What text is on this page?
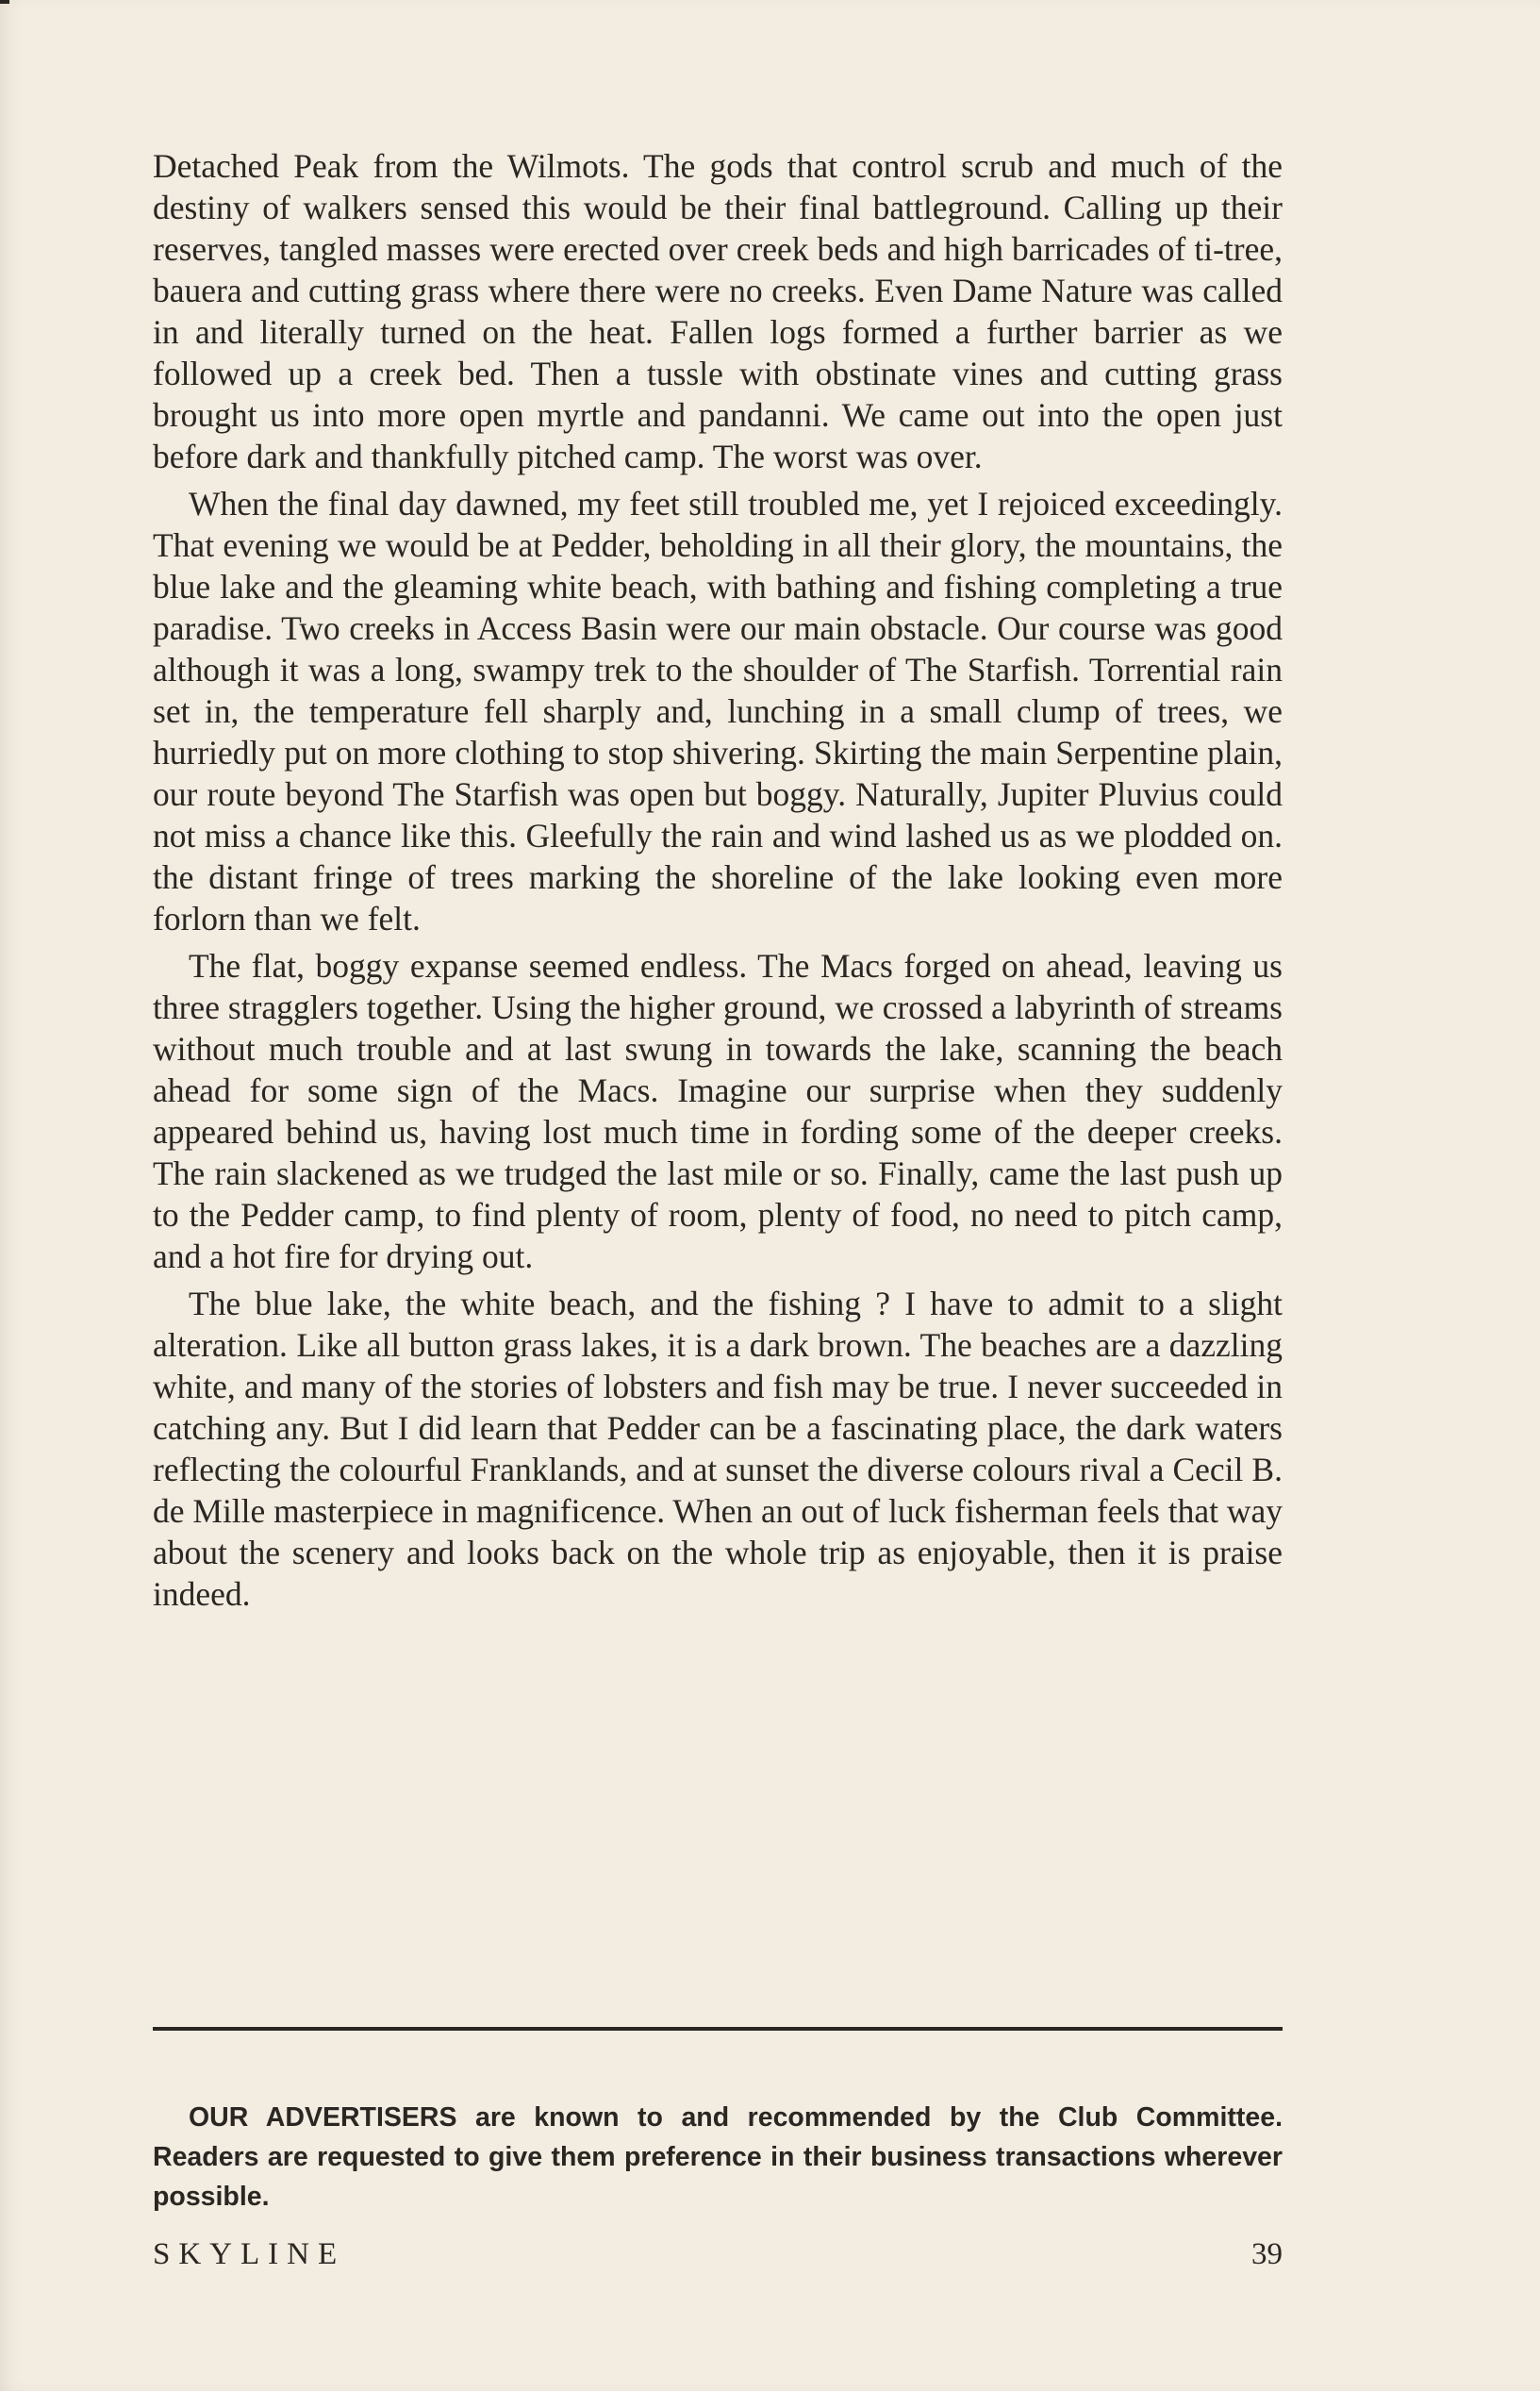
Detached Peak from the Wilmots. The gods that control scrub and much of the destiny of walkers sensed this would be their final battleground. Calling up their reserves, tangled masses were erected over creek beds and high barricades of ti-tree, bauera and cutting grass where there were no creeks. Even Dame Nature was called in and literally turned on the heat. Fallen logs formed a further barrier as we followed up a creek bed. Then a tussle with obstinate vines and cutting grass brought us into more open myrtle and pandanni. We came out into the open just before dark and thankfully pitched camp. The worst was over.

When the final day dawned, my feet still troubled me, yet I rejoiced exceedingly. That evening we would be at Pedder, beholding in all their glory, the mountains, the blue lake and the gleaming white beach, with bathing and fishing completing a true paradise. Two creeks in Access Basin were our main obstacle. Our course was good although it was a long, swampy trek to the shoulder of The Starfish. Torrential rain set in, the temperature fell sharply and, lunching in a small clump of trees, we hurriedly put on more clothing to stop shivering. Skirting the main Serpentine plain, our route beyond The Starfish was open but boggy. Naturally, Jupiter Pluvius could not miss a chance like this. Gleefully the rain and wind lashed us as we plodded on. the distant fringe of trees marking the shoreline of the lake looking even more forlorn than we felt.

The flat, boggy expanse seemed endless. The Macs forged on ahead, leaving us three stragglers together. Using the higher ground, we crossed a labyrinth of streams without much trouble and at last swung in towards the lake, scanning the beach ahead for some sign of the Macs. Imagine our surprise when they suddenly appeared behind us, having lost much time in fording some of the deeper creeks. The rain slackened as we trudged the last mile or so. Finally, came the last push up to the Pedder camp, to find plenty of room, plenty of food, no need to pitch camp, and a hot fire for drying out.

The blue lake, the white beach, and the fishing ? I have to admit to a slight alteration. Like all button grass lakes, it is a dark brown. The beaches are a dazzling white, and many of the stories of lobsters and fish may be true. I never succeeded in catching any. But I did learn that Pedder can be a fascinating place, the dark waters reflecting the colourful Franklands, and at sunset the diverse colours rival a Cecil B. de Mille masterpiece in magnificence. When an out of luck fisherman feels that way about the scenery and looks back on the whole trip as enjoyable, then it is praise indeed.

OUR ADVERTISERS are known to and recommended by the Club Committee. Readers are requested to give them preference in their business transactions wherever possible.
SKYLINE	39
